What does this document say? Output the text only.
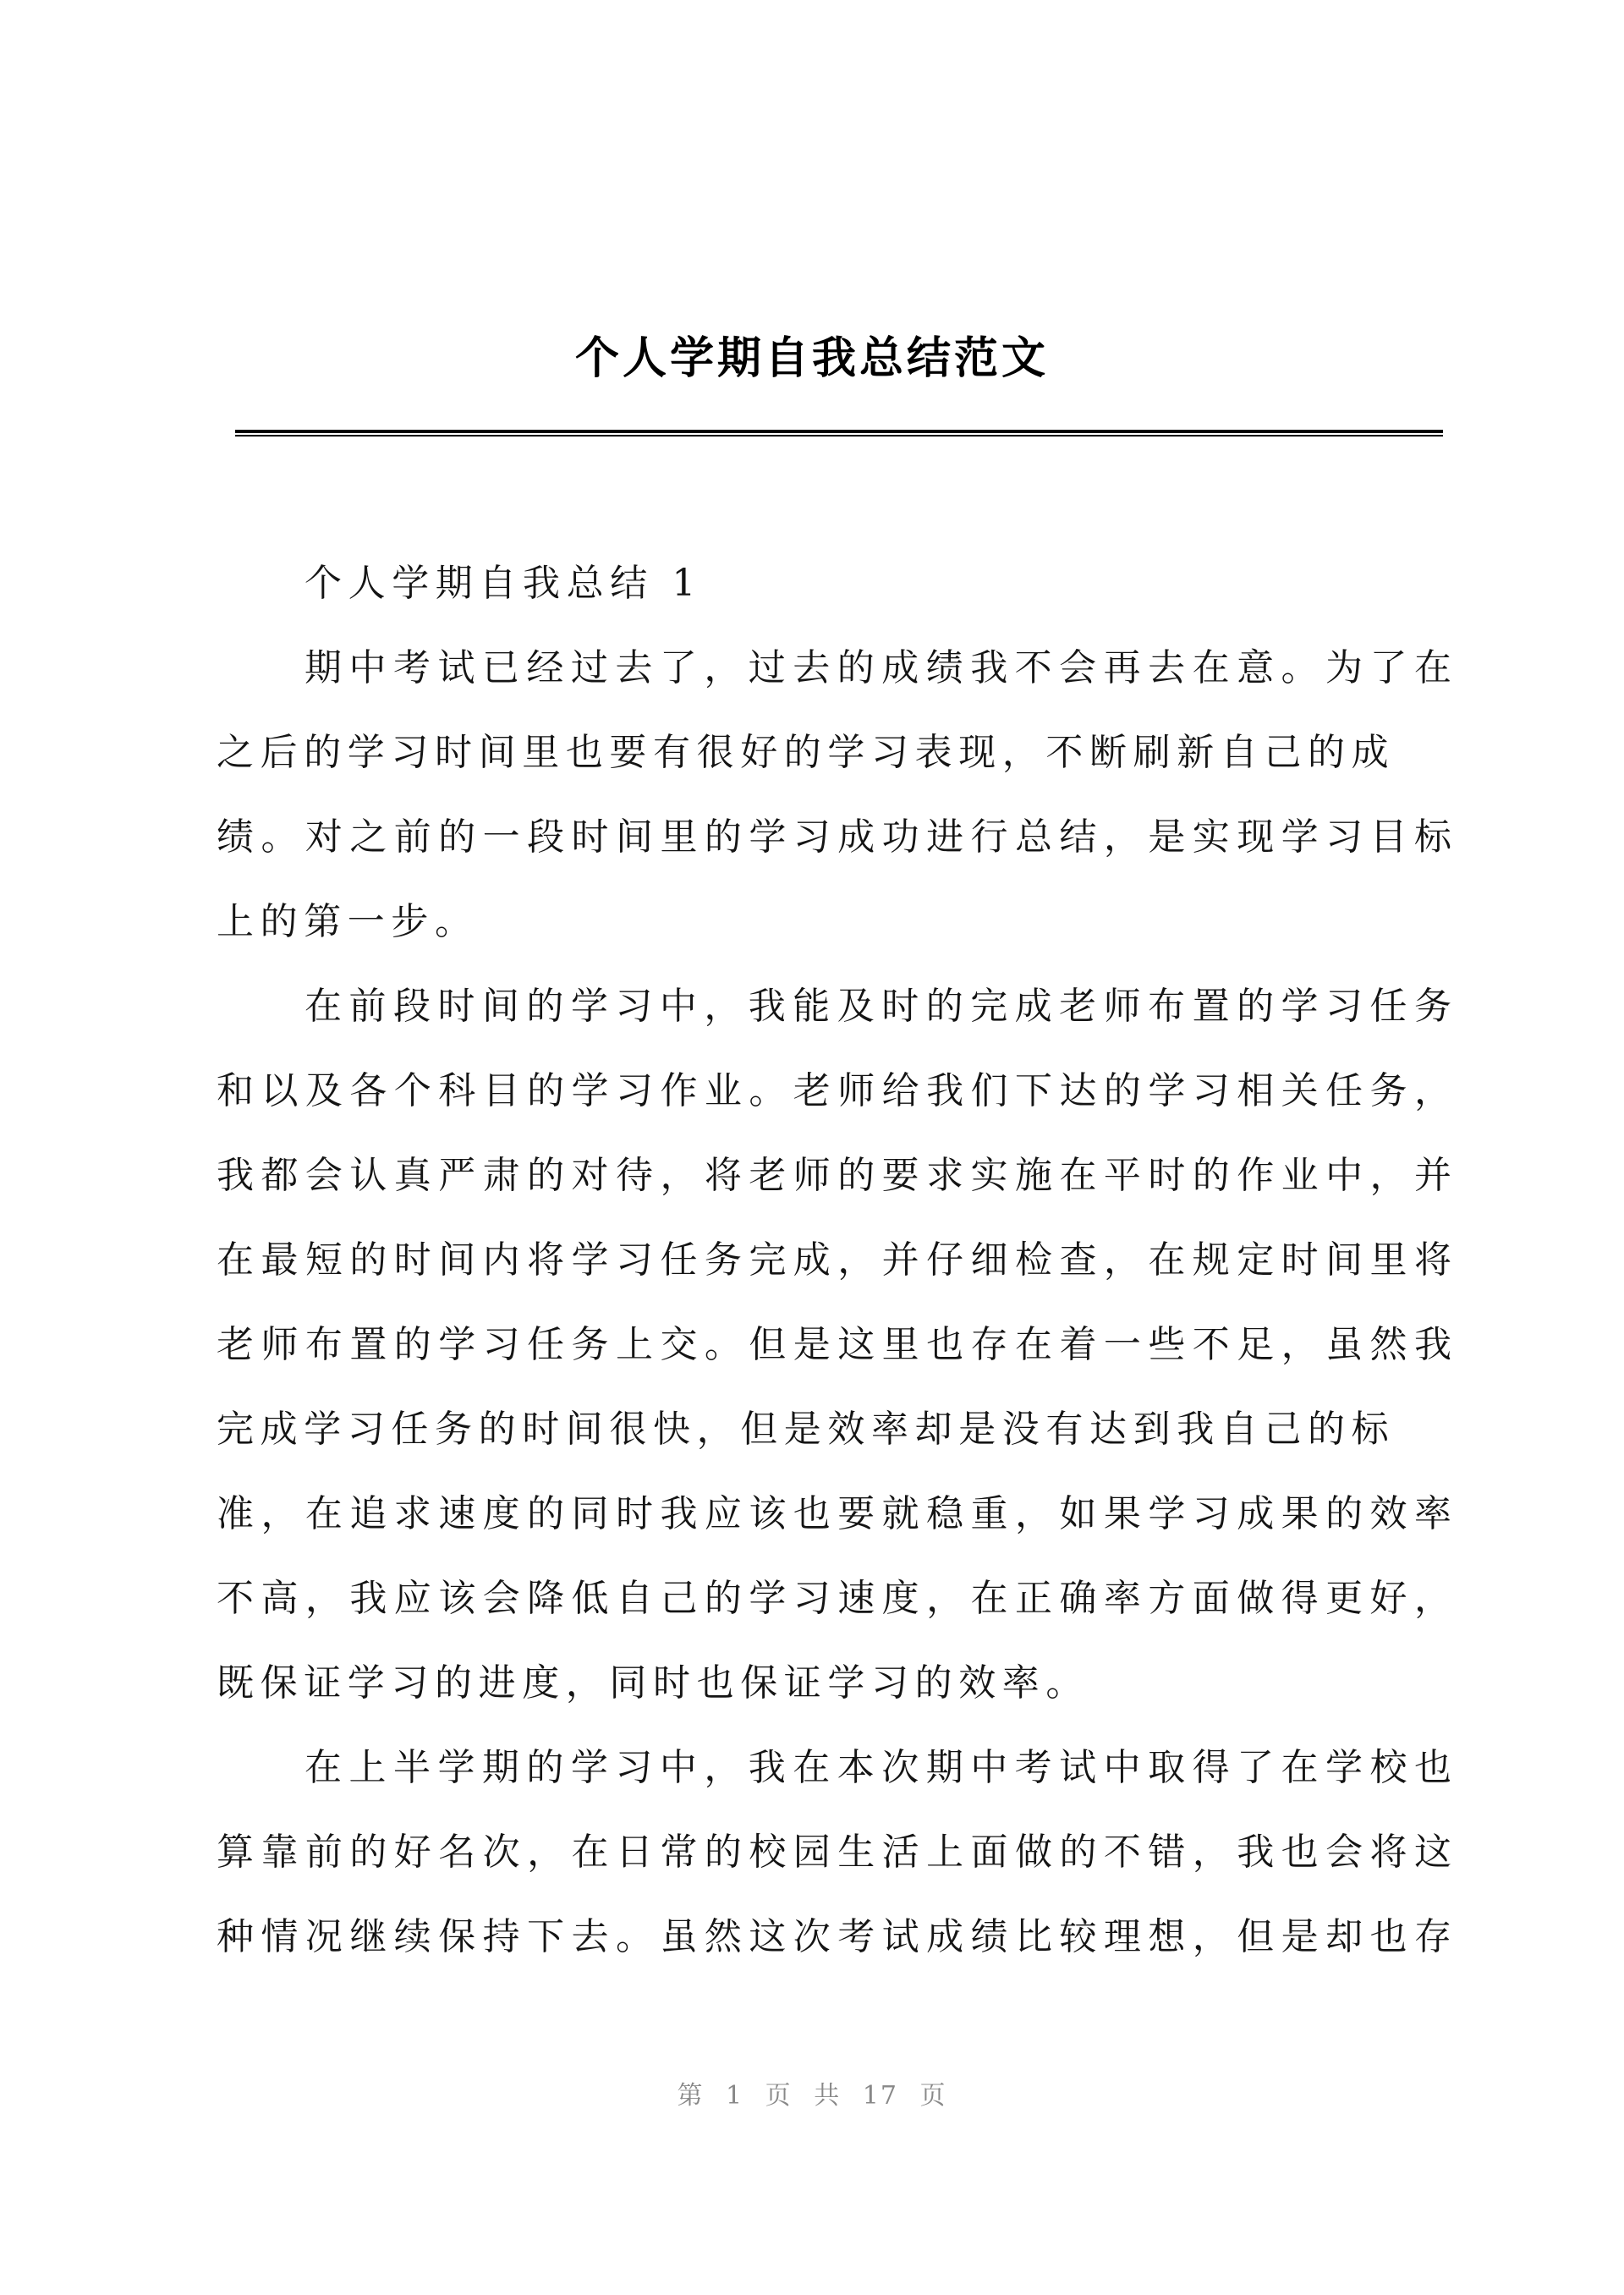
个人学期自我总结范文
个人学期自我总结 1
期中考试已经过去了，过去的成绩我不会再去在意。为了在
之后的学习时间里也要有很好的学习表现，不断刷新自己的成
绩。对之前的一段时间里的学习成功进行总结，是实现学习目标
上的第一步。
在前段时间的学习中，我能及时的完成老师布置的学习任务
和以及各个科目的学习作业。老师给我们下达的学习相关任务，
我都会认真严肃的对待，将老师的要求实施在平时的作业中，并
在最短的时间内将学习任务完成，并仔细检查，在规定时间里将
老师布置的学习任务上交。但是这里也存在着一些不足，虽然我
完成学习任务的时间很快，但是效率却是没有达到我自己的标
准，在追求速度的同时我应该也要就稳重，如果学习成果的效率
不高，我应该会降低自己的学习速度，在正确率方面做得更好，
既保证学习的进度，同时也保证学习的效率。
在上半学期的学习中，我在本次期中考试中取得了在学校也
算靠前的好名次，在日常的校园生活上面做的不错，我也会将这
种情况继续保持下去。虽然这次考试成绩比较理想，但是却也存
第 1 页 共 17 页
